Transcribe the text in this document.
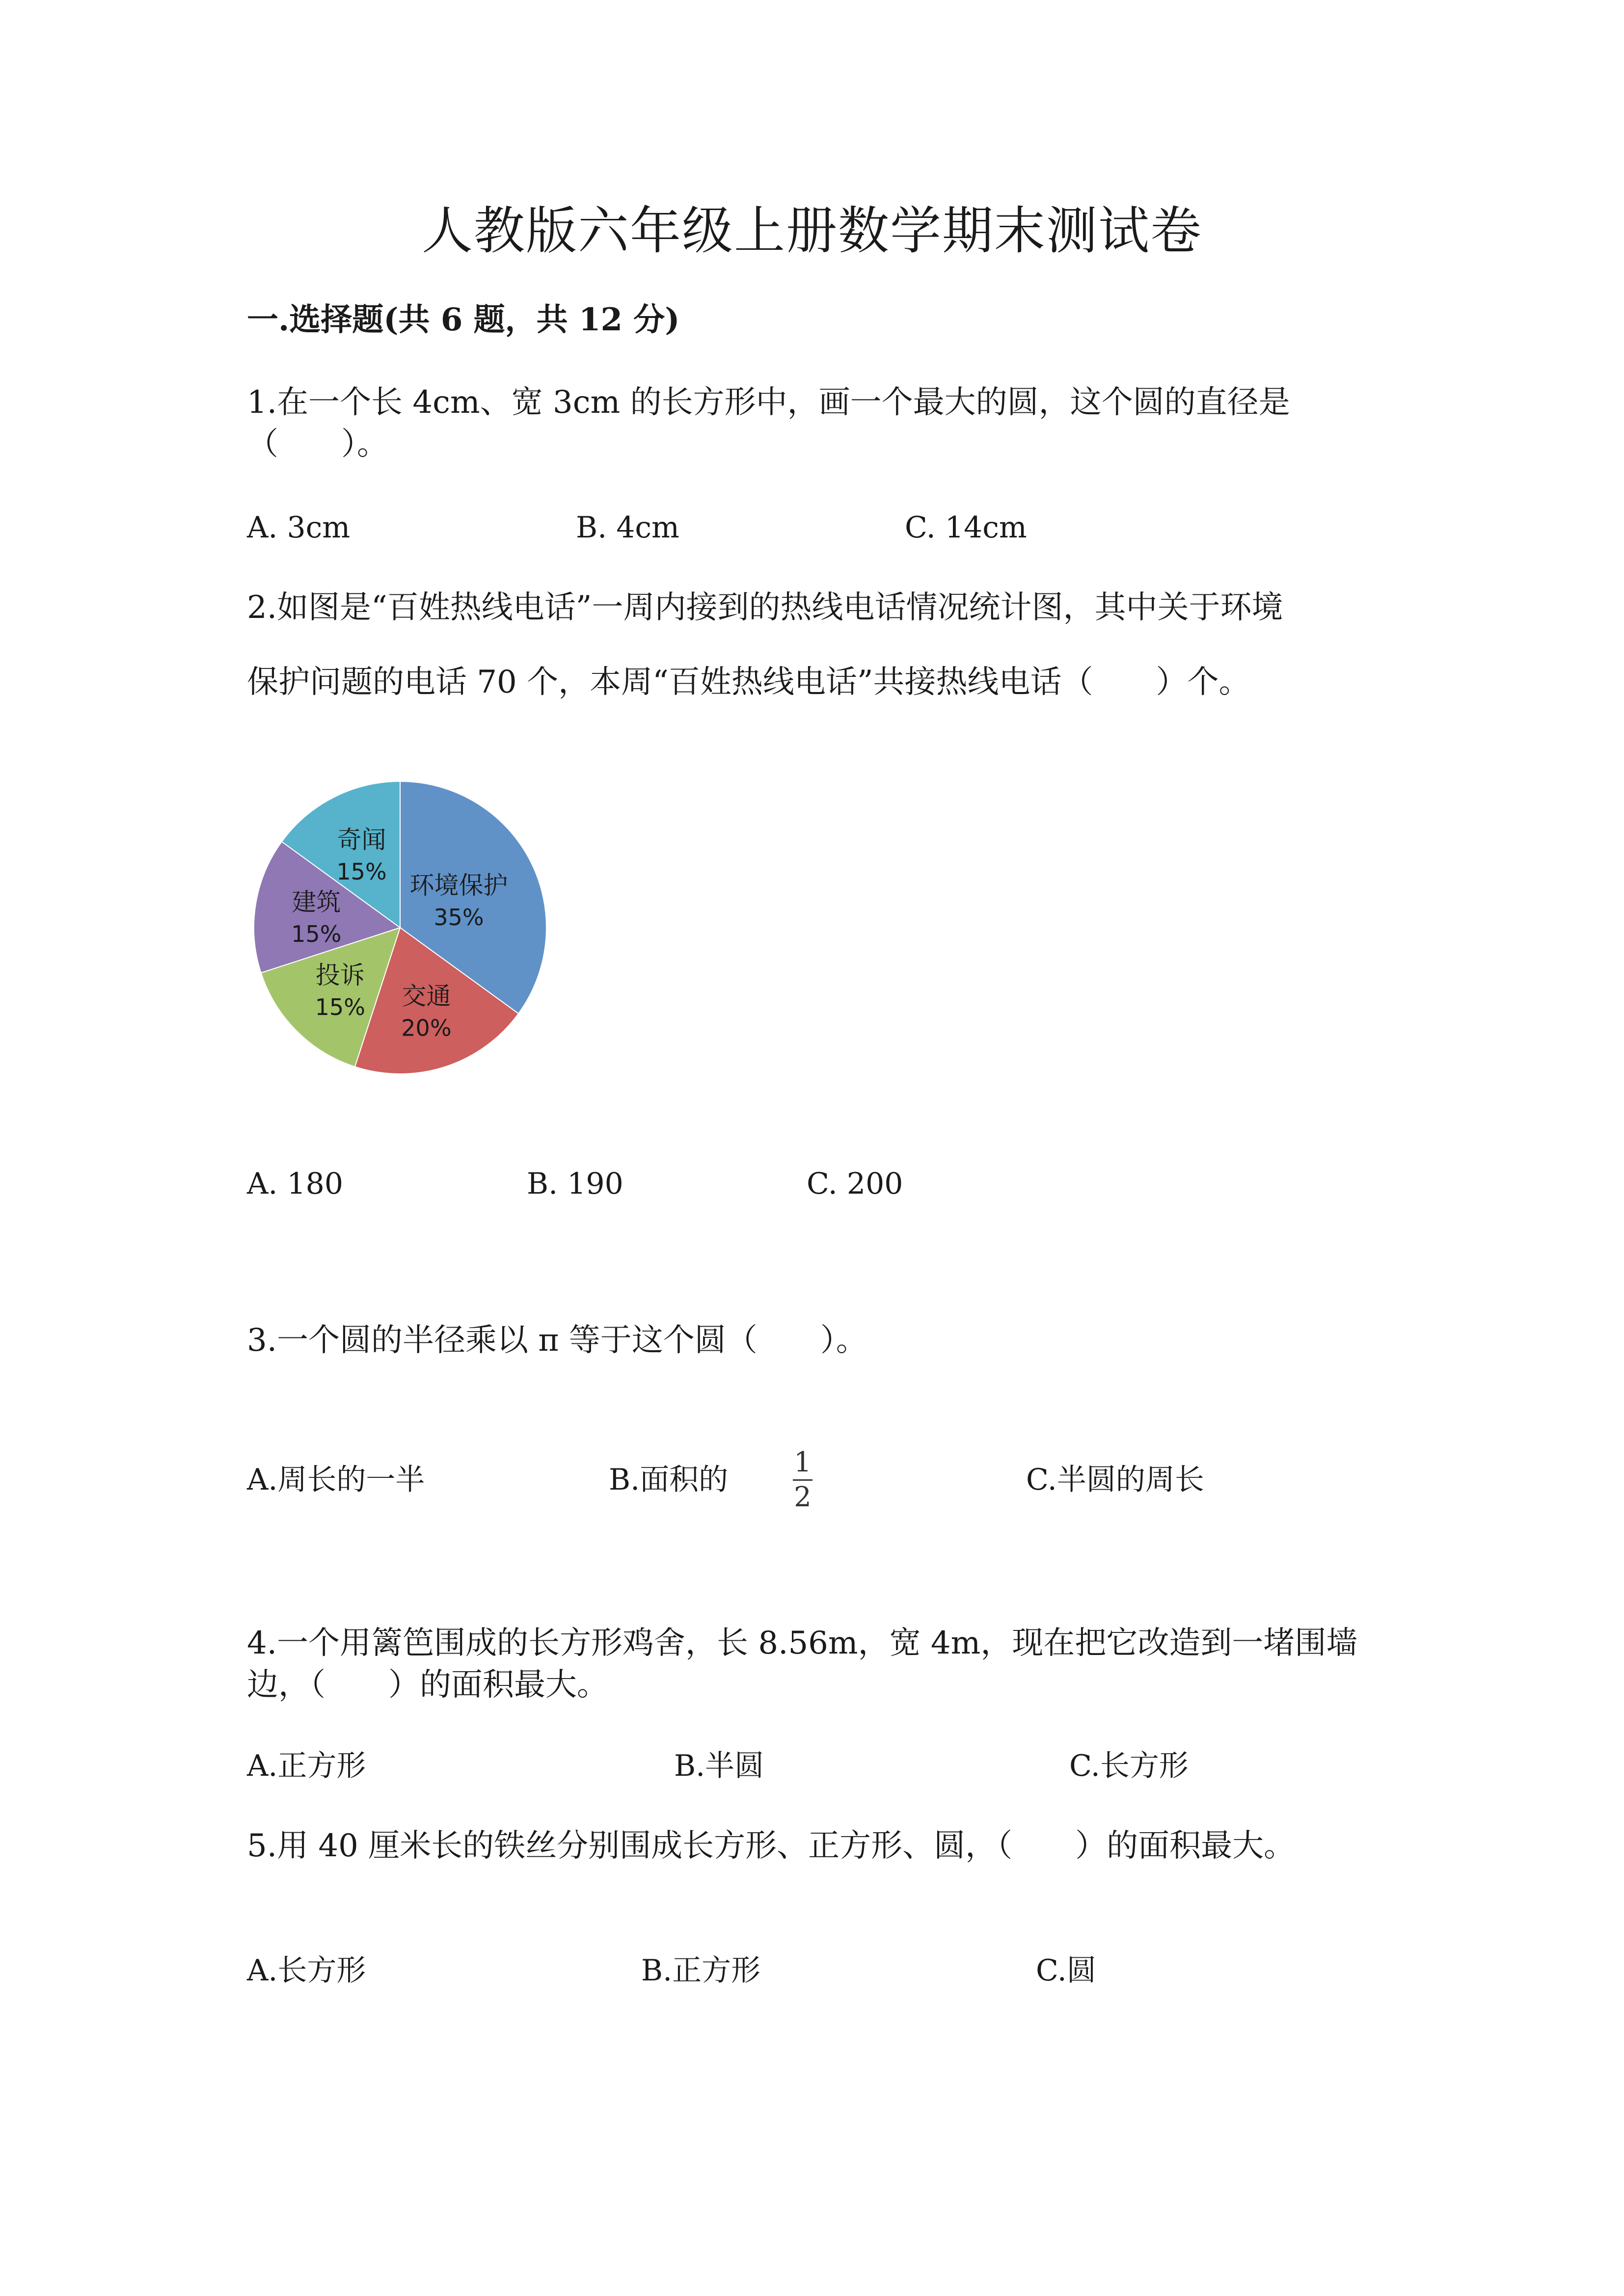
人教版六年级上册数学期末测试卷
一.选择题(共 6 题，共 12 分)
1.在一个长 4cm、宽 3cm 的长方形中，画一个最大的圆，这个圆的直径是
（　　）。
A. 3cm	B. 4cm	C. 14cm
2.如图是“百姓热线电话”一周内接到的热线电话情况统计图，其中关于环境
保护问题的电话 70 个，本周“百姓热线电话”共接热线电话（　　）个。
环境保护
35%
交通
20%
投诉
15%
建筑
15%
奇闻
15%
A. 180	B. 190	C. 200
3.一个圆的半径乘以 π 等于这个圆（　　）。
A.周长的一半	B.面积的
1
2
C.半圆的周长
4.一个用篱笆围成的长方形鸡舍，长 8.56m，宽 4m，现在把它改造到一堵围墙
边，（　　）的面积最大。
A.正方形	B.半圆	C.长方形
5.用 40 厘米长的铁丝分别围成长方形、正方形、圆，（　　）的面积最大。
A.长方形	B.正方形	C.圆
